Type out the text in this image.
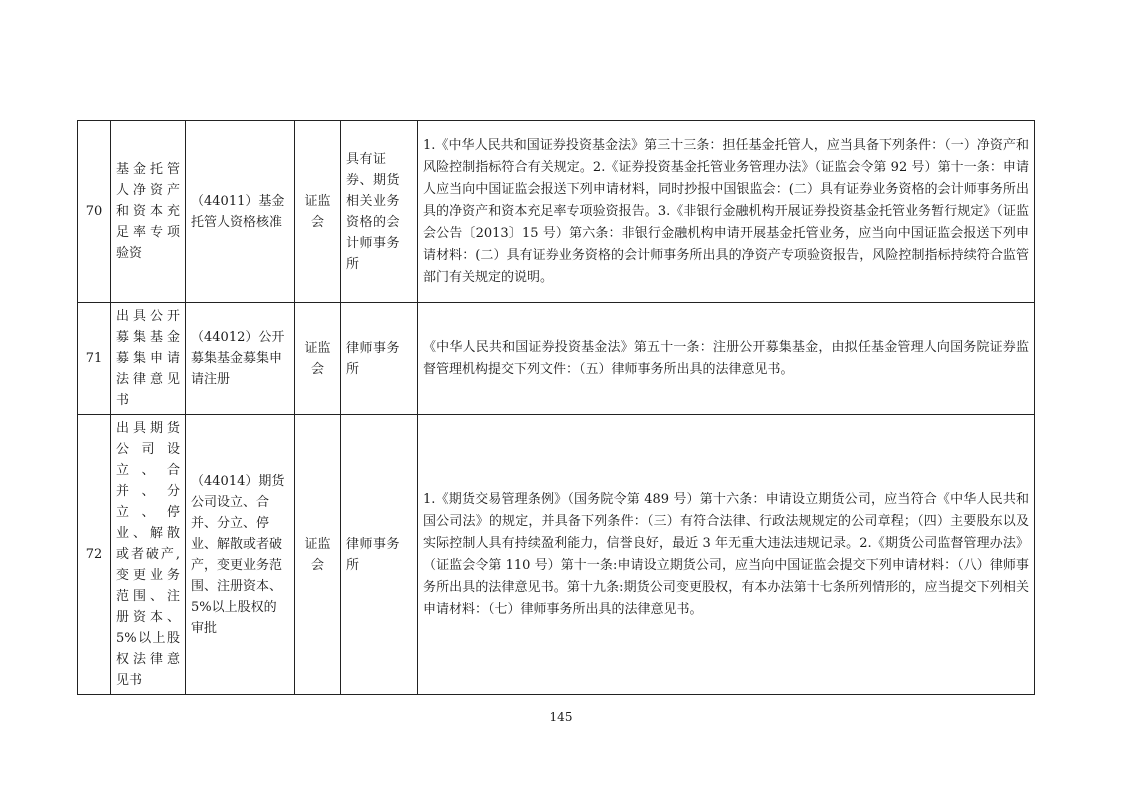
70	基金托管人净资产和资本充足率专项验资	（44011）基金托管人资格核准	证监会	具有证券、期货相关业务资格的会计师事务所	1.《中华人民共和国证券投资基金法》第三十三条：担任基金托管人，应当具备下列条件：（一）净资产和风险控制指标符合有关规定。2.《证券投资基金托管业务管理办法》（证监会令第 92 号）第十一条：申请人应当向中国证监会报送下列申请材料，同时抄报中国银监会：(二）具有证券业务资格的会计师事务所出具的净资产和资本充足率专项验资报告。3.《非银行金融机构开展证券投资基金托管业务暂行规定》（证监会公告〔2013〕15 号）第六条：非银行金融机构申请开展基金托管业务，应当向中国证监会报送下列申请材料：(二）具有证券业务资格的会计师事务所出具的净资产专项验资报告，风险控制指标持续符合监管部门有关规定的说明。
71	出具公开募集基金募集申请法律意见书	（44012）公开募集基金募集申请注册	证监会	律师事务所	《中华人民共和国证券投资基金法》第五十一条：注册公开募集基金，由拟任基金管理人向国务院证券监督管理机构提交下列文件：（五）律师事务所出具的法律意见书。
72	出具期货公司设立、合并、分立、停业、解散或者破产,变更业务范围、注册资本、5%以上股权法律意见书	（44014）期货公司设立、合并、分立、停业、解散或者破产，变更业务范围、注册资本、5%以上股权的审批	证监会	律师事务所	1.《期货交易管理条例》（国务院令第 489 号）第十六条：申请设立期货公司，应当符合《中华人民共和国公司法》的规定，并具备下列条件：（三）有符合法律、行政法规规定的公司章程；（四）主要股东以及实际控制人具有持续盈利能力，信誉良好，最近 3 年无重大违法违规记录。2.《期货公司监督管理办法》（证监会令第 110 号）第十一条:申请设立期货公司，应当向中国证监会提交下列申请材料：（八）律师事务所出具的法律意见书。第十九条:期货公司变更股权，有本办法第十七条所列情形的，应当提交下列相关申请材料：（七）律师事务所出具的法律意见书。
145
